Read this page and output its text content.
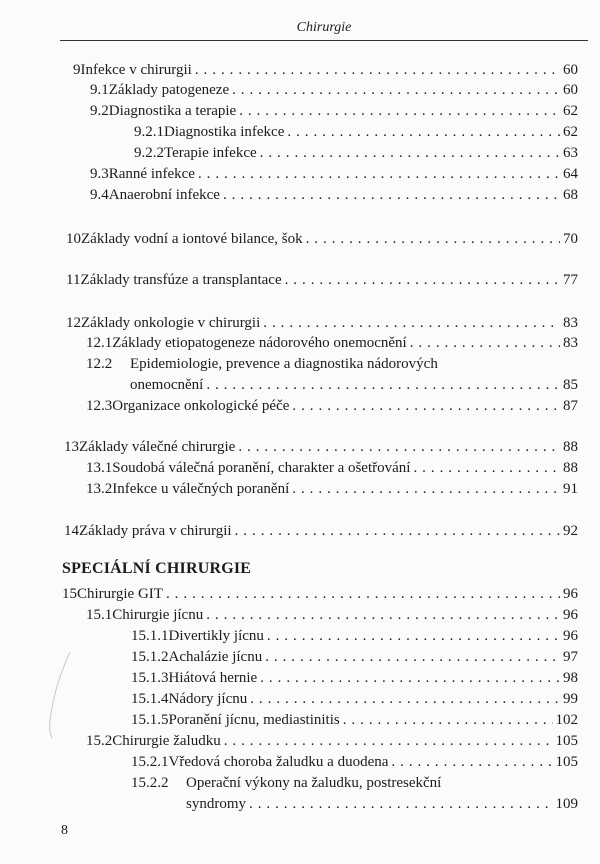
Chirurgie
9 Infekce v chirurgii . . .	60
9.1 Základy patogeneze . . .	60
9.2 Diagnostika a terapie . . .	62
9.2.1 Diagnostika infekce . . .	62
9.2.2 Terapie infekce . . .	63
9.3 Ranné infekce . . .	64
9.4 Anaerobní infekce . . .	68
10 Základy vodní a iontové bilance, šok . . .	70
11 Základy transfúze a transplantace . . .	77
12 Základy onkologie v chirurgii . . .	83
12.1 Základy etiopatogeneze nádorového onemocnění . . .	83
12.2 Epidemiologie, prevence a diagnostika nádorových
onemocnění . . .	85
12.3 Organizace onkologické péče . . .	87
13 Základy válečné chirurgie . . .	88
13.1 Soudobá válečná poranění, charakter a ošetřování . . .	88
13.2 Infekce u válečných poranění . . .	91
14 Základy práva v chirurgii . . .	92
SPECIÁLNÍ CHIRURGIE
15 Chirurgie GIT . . .	96
15.1 Chirurgie jícnu . . .	96
15.1.1 Divertikly jícnu . . .	96
15.1.2 Achalázie jícnu . . .	97
15.1.3 Hiátová hernie . . .	98
15.1.4 Nádory jícnu . . .	99
15.1.5 Poranění jícnu, mediastinitis . . .	102
15.2 Chirurgie žaludku . . .	105
15.2.1 Vředová choroba žaludku a duodena . . .	105
15.2.2 Operační výkony na žaludku, postresekční
syndromy . . .	109
8
